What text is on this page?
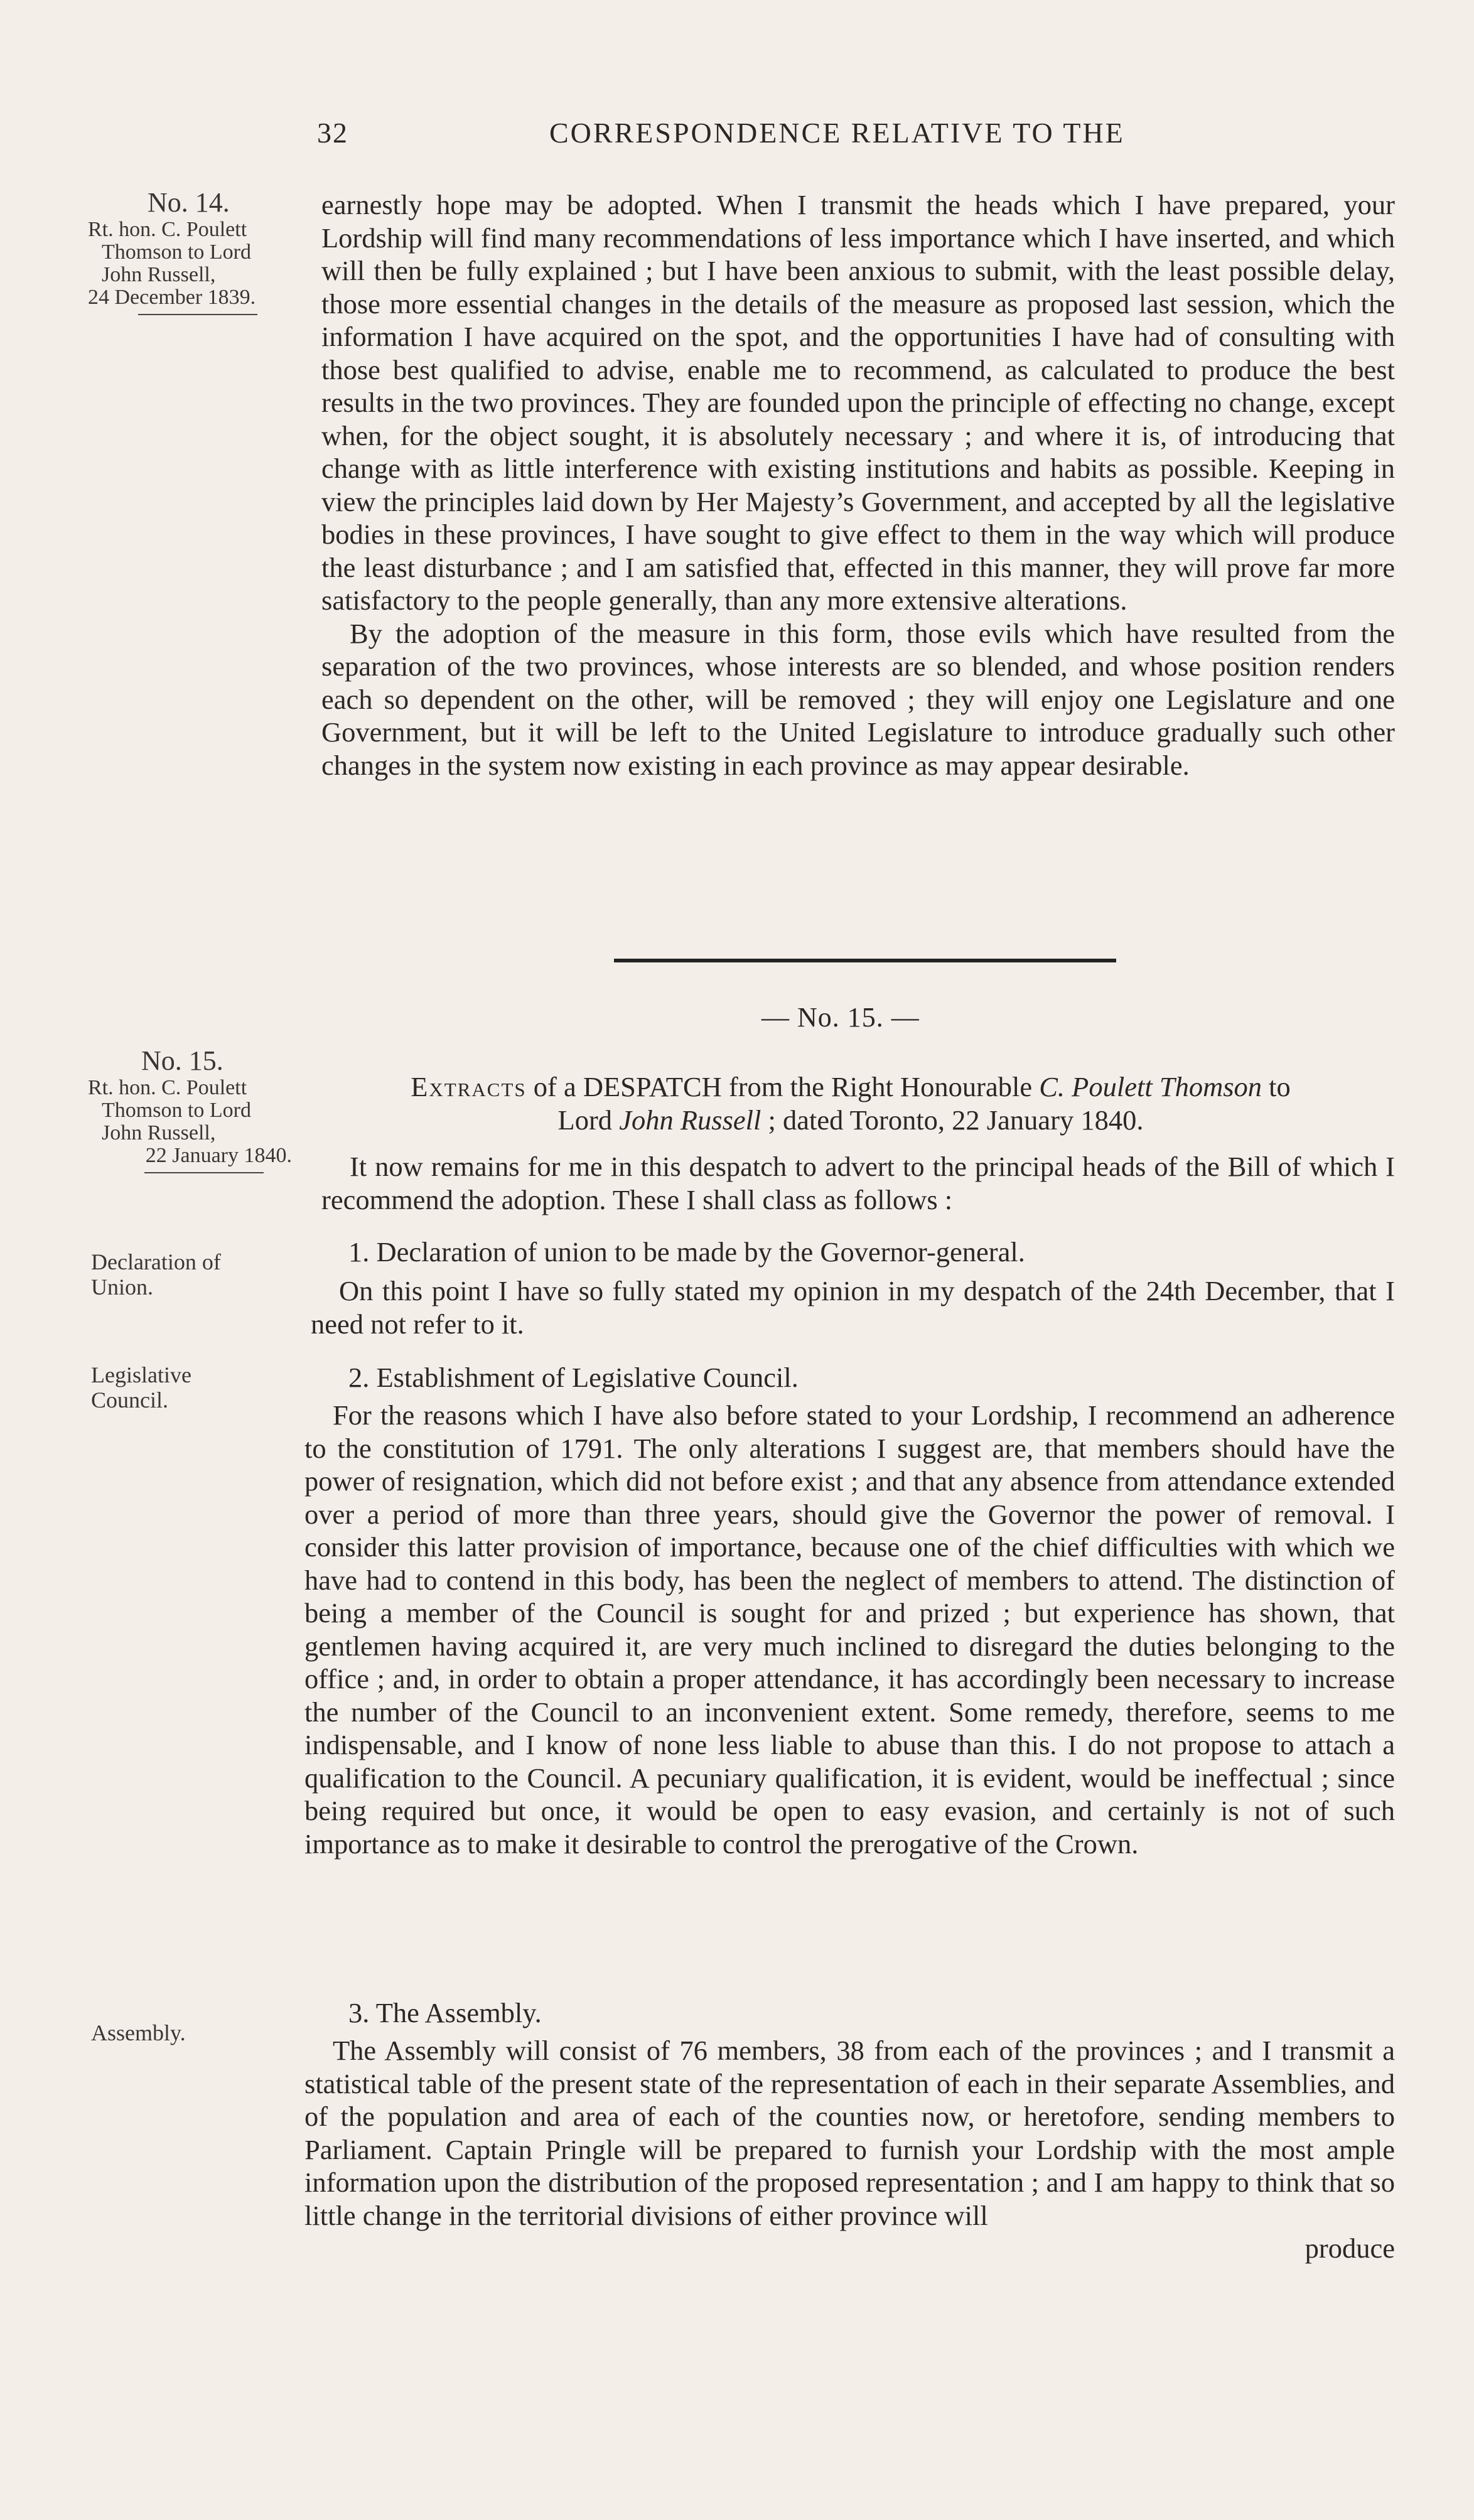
32	CORRESPONDENCE RELATIVE TO THE
No. 14.
Rt. hon. C. Poulett
Thomson to Lord
John Russell,
24 December 1839.

earnestly hope may be adopted. When I transmit the heads which I have prepared, your Lordship will find many recommendations of less importance which I have inserted, and which will then be fully explained ; but I have been anxious to submit, with the least possible delay, those more essential changes in the details of the measure as proposed last session, which the information I have acquired on the spot, and the opportunities I have had of consulting with those best qualified to advise, enable me to recommend, as calculated to produce the best results in the two provinces. They are founded upon the principle of effecting no change, except when, for the object sought, it is absolutely necessary ; and where it is, of introducing that change with as little interference with existing institutions and habits as possible. Keeping in view the principles laid down by Her Majesty’s Government, and accepted by all the legislative bodies in these provinces, I have sought to give effect to them in the way which will produce the least disturbance ; and I am satisfied that, effected in this manner, they will prove far more satisfactory to the people generally, than any more extensive alterations.

By the adoption of the measure in this form, those evils which have resulted from the separation of the two provinces, whose interests are so blended, and whose position renders each so dependent on the other, will be removed ; they will enjoy one Legislature and one Government, but it will be left to the United Legislature to introduce gradually such other changes in the system now existing in each province as may appear desirable.

— No. 15. —
No. 15.
Rt. hon. C. Poulett
Thomson to Lord
John Russell,
22 January 1840.
Extracts of a DESPATCH from the Right Honourable C. Poulett Thomson to
Lord John Russell ; dated Toronto, 22 January 1840.

It now remains for me in this despatch to advert to the principal heads of the Bill of which I recommend the adoption. These I shall class as follows :

Declaration of
Union.
1. Declaration of union to be made by the Governor-general.

On this point I have so fully stated my opinion in my despatch of the 24th December, that I need not refer to it.

Legislative
Council.
2. Establishment of Legislative Council.

For the reasons which I have also before stated to your Lordship, I recommend an adherence to the constitution of 1791. The only alterations I suggest are, that members should have the power of resignation, which did not before exist ; and that any absence from attendance extended over a period of more than three years, should give the Governor the power of removal. I consider this latter provision of importance, because one of the chief difficulties with which we have had to contend in this body, has been the neglect of members to attend. The distinction of being a member of the Council is sought for and prized ; but experience has shown, that gentlemen having acquired it, are very much inclined to disregard the duties belonging to the office ; and, in order to obtain a proper attendance, it has accordingly been necessary to increase the number of the Council to an inconvenient extent. Some remedy, therefore, seems to me indispensable, and I know of none less liable to abuse than this. I do not propose to attach a qualification to the Council. A pecuniary qualification, it is evident, would be ineffectual ; since being required but once, it would be open to easy evasion, and certainly is not of such importance as to make it desirable to control the prerogative of the Crown.

Assembly.
3. The Assembly.

The Assembly will consist of 76 members, 38 from each of the provinces ; and I transmit a statistical table of the present state of the representation of each in their separate Assemblies, and of the population and area of each of the counties now, or heretofore, sending members to Parliament. Captain Pringle will be prepared to furnish your Lordship with the most ample information upon the distribution of the proposed representation ; and I am happy to think that so little change in the territorial divisions of either province will

produce
